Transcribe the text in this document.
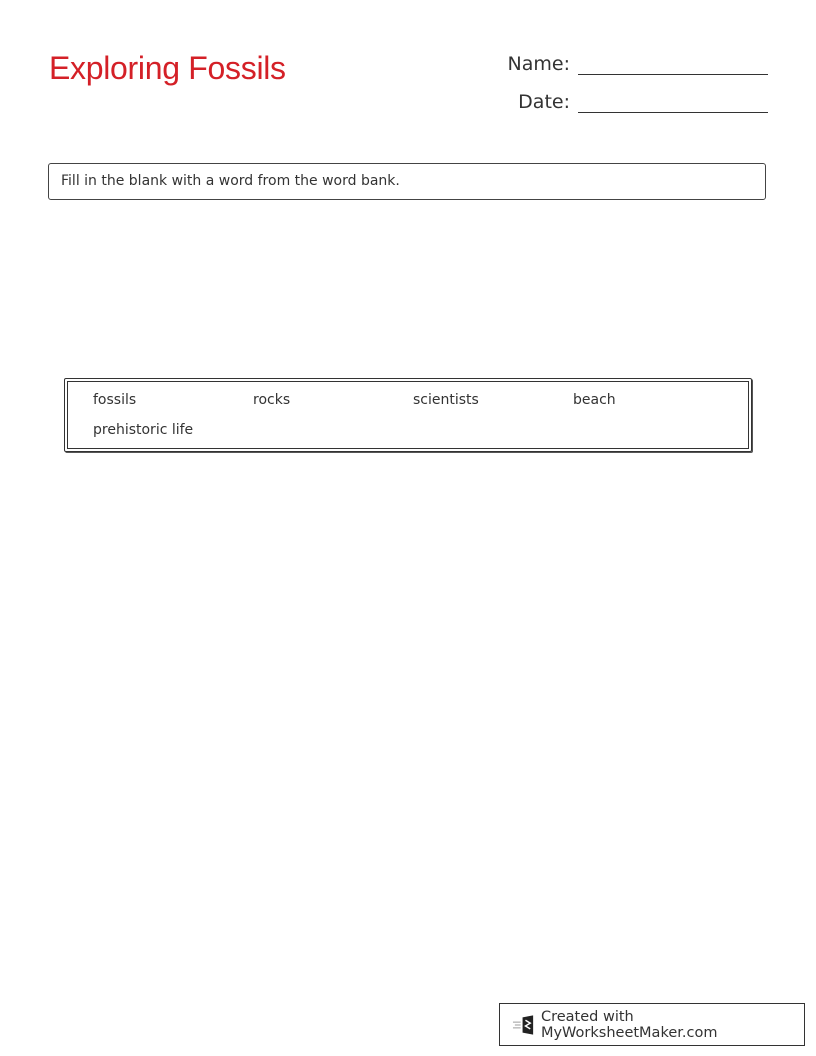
Exploring Fossils	Name:
Date:
Fill in the blank with a word from the word bank.
fossils	rocks	scientists	beach
prehistoric life
Created with MyWorksheetMaker.com
